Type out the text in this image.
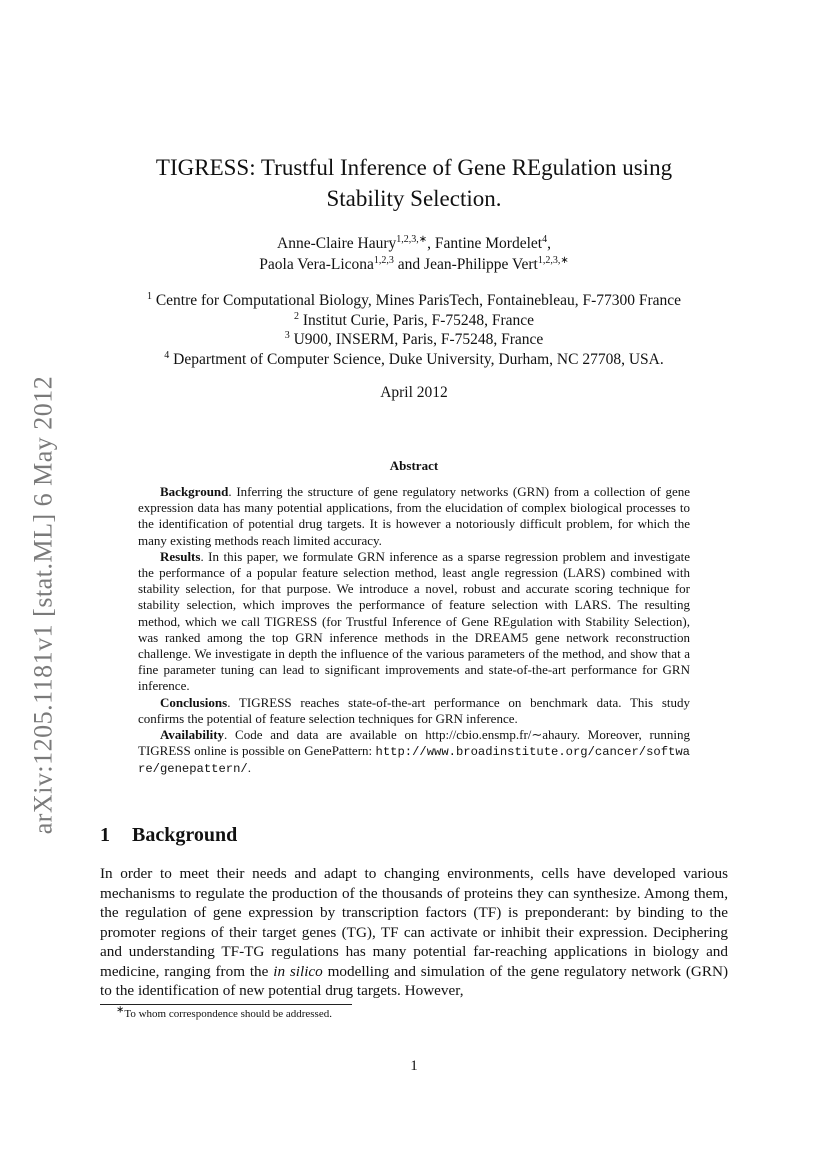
arXiv:1205.1181v1 [stat.ML] 6 May 2012
TIGRESS: Trustful Inference of Gene REgulation using
Stability Selection.
Anne-Claire Haury$^{1,2,3,∗}$, Fantine Mordelet$^4$,
Paola Vera-Licona$^{1,2,3}$ and Jean-Philippe Vert$^{1,2,3,∗}$
$^1$ Centre for Computational Biology, Mines ParisTech, Fontainebleau, F-77300 France
$^2$ Institut Curie, Paris, F-75248, France
$^3$ U900, INSERM, Paris, F-75248, France
$^4$ Department of Computer Science, Duke University, Durham, NC 27708, USA.
April 2012
Abstract

Background. Inferring the structure of gene regulatory networks (GRN) from a collection of gene expression data has many potential applications, from the elucidation of complex biological processes to the identification of potential drug targets. It is however a notoriously difficult problem, for which the many existing methods reach limited accuracy.

Results. In this paper, we formulate GRN inference as a sparse regression problem and investigate the performance of a popular feature selection method, least angle regression (LARS) combined with stability selection, for that purpose. We introduce a novel, robust and accurate scoring technique for stability selection, which improves the performance of feature selection with LARS. The resulting method, which we call TIGRESS (for Trustful Inference of Gene REgulation with Stability Selection), was ranked among the top GRN inference methods in the DREAM5 gene network reconstruction challenge. We investigate in depth the influence of the various parameters of the method, and show that a fine parameter tuning can lead to significant improvements and state-of-the-art performance for GRN inference.

Conclusions. TIGRESS reaches state-of-the-art performance on benchmark data. This study confirms the potential of feature selection techniques for GRN inference.

Availability. Code and data are available on http://cbio.ensmp.fr/∼ahaury. Moreover, running TIGRESS online is possible on GenePattern: http://www.broadinstitute.org/cancer/software/genepattern/.

1 Background

In order to meet their needs and adapt to changing environments, cells have developed various mechanisms to regulate the production of the thousands of proteins they can synthesize. Among them, the regulation of gene expression by transcription factors (TF) is preponderant: by binding to the promoter regions of their target genes (TG), TF can activate or inhibit their expression. Deciphering and understanding TF-TG regulations has many potential far-reaching applications in biology and medicine, ranging from the in silico modelling and simulation of the gene regulatory network (GRN) to the identification of new potential drug targets. However,

∗To whom correspondence should be addressed.
1
